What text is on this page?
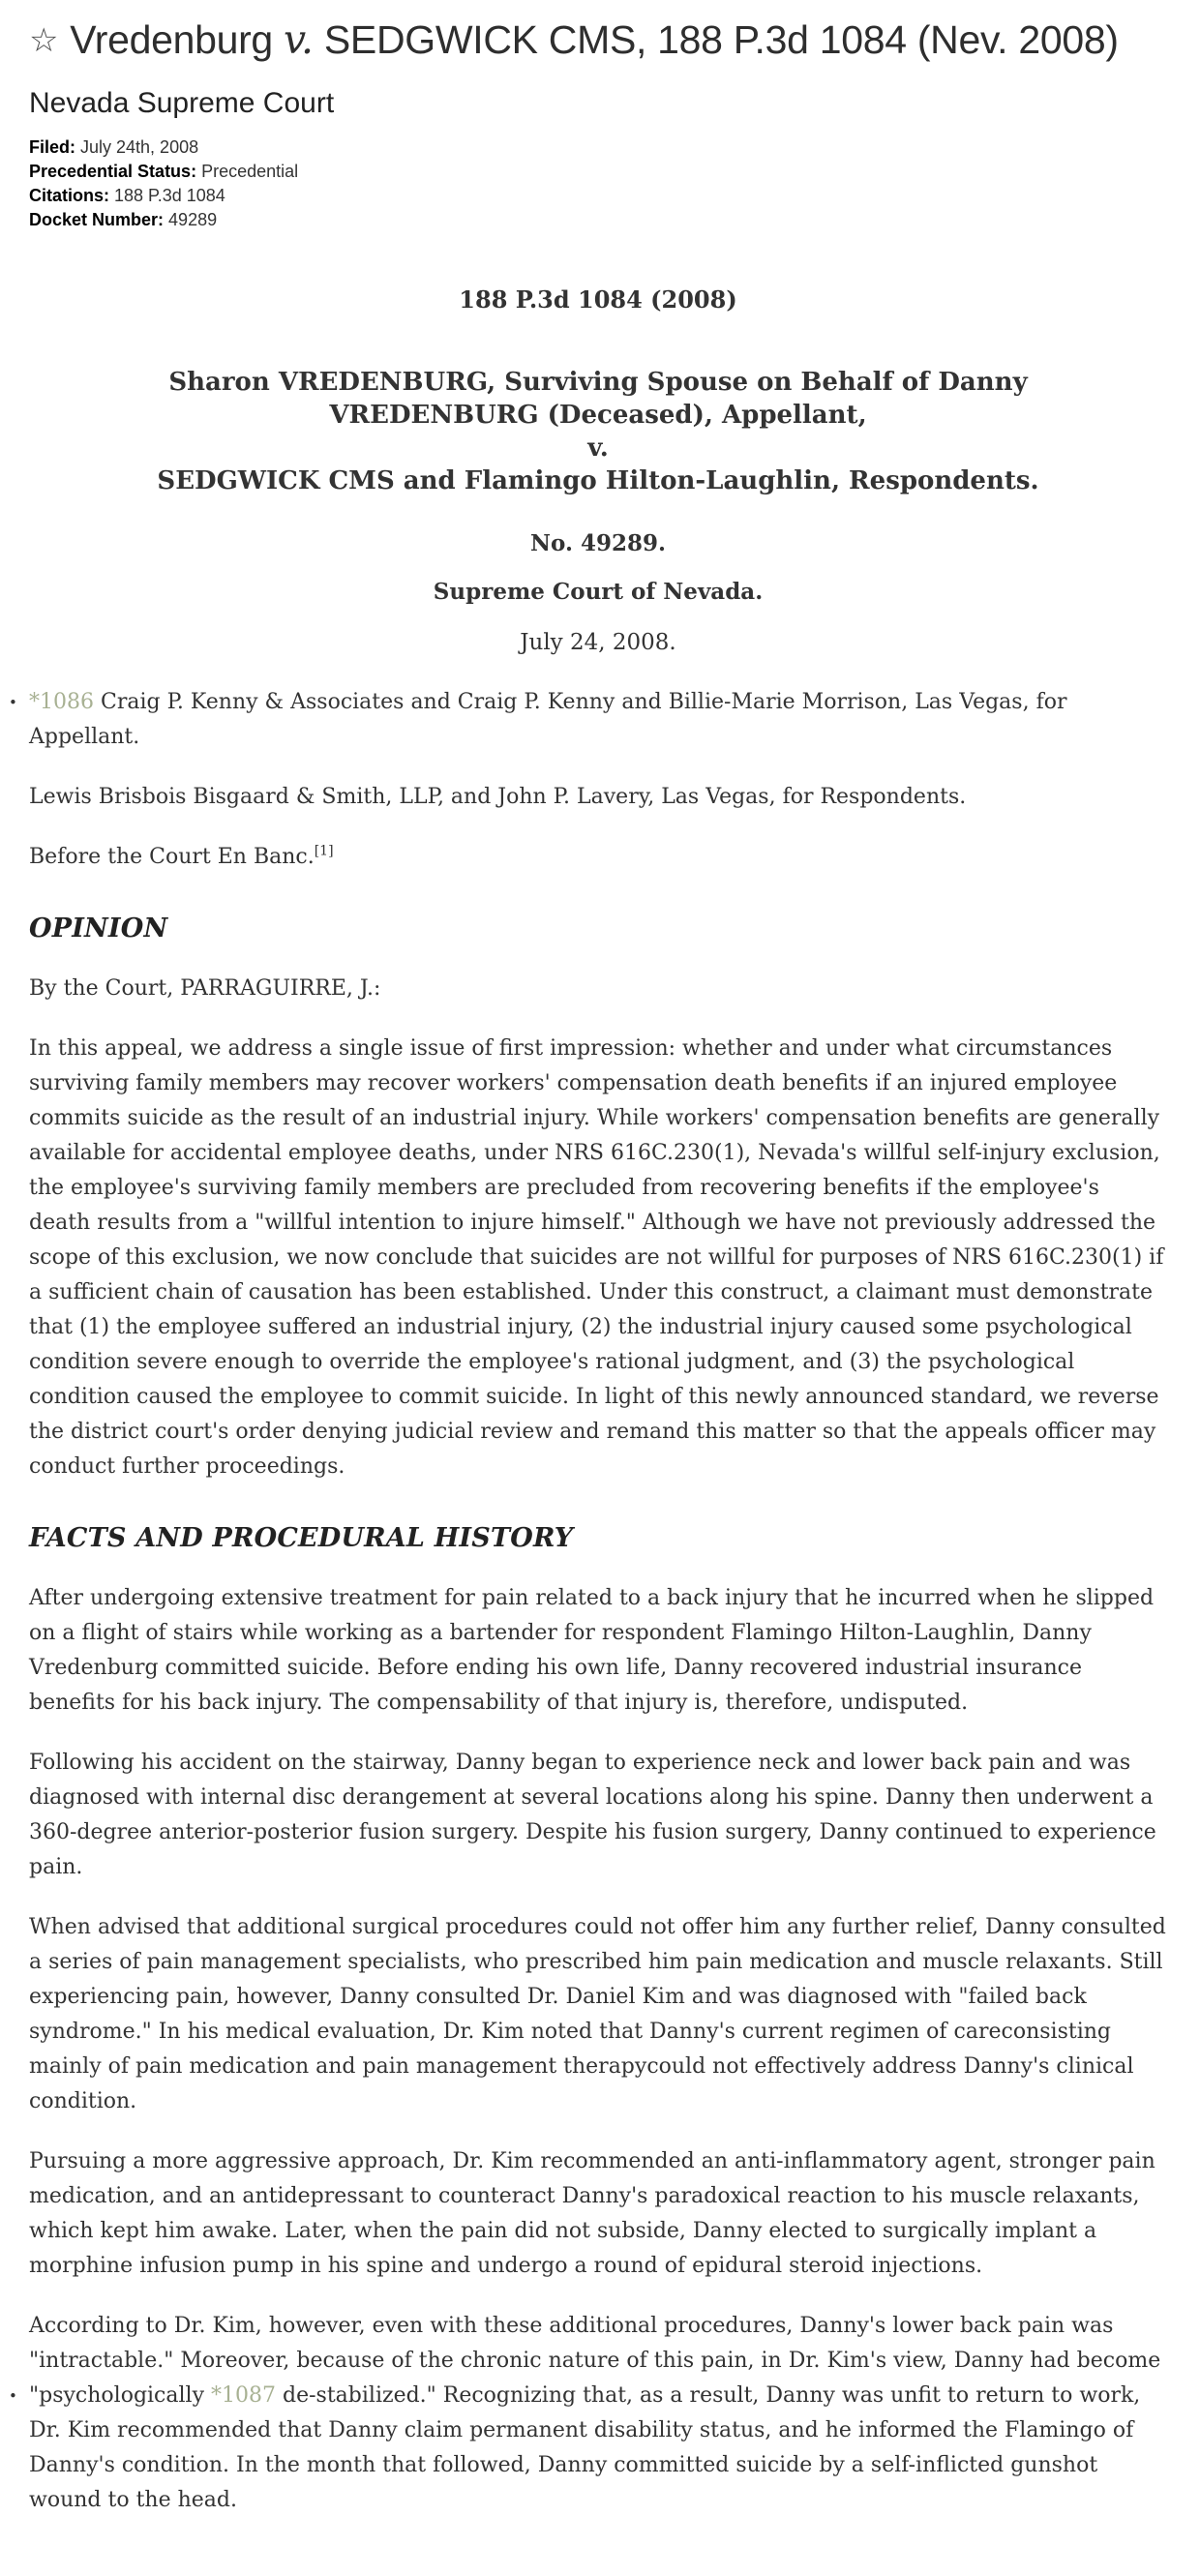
☆ Vredenburg v. SEDGWICK CMS, 188 P.3d 1084 (Nev. 2008)
Nevada Supreme Court
Filed: July 24th, 2008
Precedential Status: Precedential
Citations: 188 P.3d 1084
Docket Number: 49289

188 P.3d 1084 (2008)

Sharon VREDENBURG, Surviving Spouse on Behalf of Danny VREDENBURG (Deceased), Appellant,
v.
SEDGWICK CMS and Flamingo Hilton-Laughlin, Respondents.

No. 49289.

Supreme Court of Nevada.

July 24, 2008.

• *1086 Craig P. Kenny & Associates and Craig P. Kenny and Billie-Marie Morrison, Las Vegas, for Appellant.

Lewis Brisbois Bisgaard & Smith, LLP, and John P. Lavery, Las Vegas, for Respondents.

Before the Court En Banc.[1]

OPINION

By the Court, PARRAGUIRRE, J.:

In this appeal, we address a single issue of first impression: whether and under what circumstances surviving family members may recover workers' compensation death benefits if an injured employee commits suicide as the result of an industrial injury. While workers' compensation benefits are generally available for accidental employee deaths, under NRS 616C.230(1), Nevada's willful self-injury exclusion, the employee's surviving family members are precluded from recovering benefits if the employee's death results from a "willful intention to injure himself." Although we have not previously addressed the scope of this exclusion, we now conclude that suicides are not willful for purposes of NRS 616C.230(1) if a sufficient chain of causation has been established. Under this construct, a claimant must demonstrate that (1) the employee suffered an industrial injury, (2) the industrial injury caused some psychological condition severe enough to override the employee's rational judgment, and (3) the psychological condition caused the employee to commit suicide. In light of this newly announced standard, we reverse the district court's order denying judicial review and remand this matter so that the appeals officer may conduct further proceedings.

FACTS AND PROCEDURAL HISTORY

After undergoing extensive treatment for pain related to a back injury that he incurred when he slipped on a flight of stairs while working as a bartender for respondent Flamingo Hilton-Laughlin, Danny Vredenburg committed suicide. Before ending his own life, Danny recovered industrial insurance benefits for his back injury. The compensability of that injury is, therefore, undisputed.

Following his accident on the stairway, Danny began to experience neck and lower back pain and was diagnosed with internal disc derangement at several locations along his spine. Danny then underwent a 360-degree anterior-posterior fusion surgery. Despite his fusion surgery, Danny continued to experience pain.

When advised that additional surgical procedures could not offer him any further relief, Danny consulted a series of pain management specialists, who prescribed him pain medication and muscle relaxants. Still experiencing pain, however, Danny consulted Dr. Daniel Kim and was diagnosed with "failed back syndrome." In his medical evaluation, Dr. Kim noted that Danny's current regimen of careconsisting mainly of pain medication and pain management therapycould not effectively address Danny's clinical condition.

Pursuing a more aggressive approach, Dr. Kim recommended an anti-inflammatory agent, stronger pain medication, and an antidepressant to counteract Danny's paradoxical reaction to his muscle relaxants, which kept him awake. Later, when the pain did not subside, Danny elected to surgically implant a morphine infusion pump in his spine and undergo a round of epidural steroid injections.

•
According to Dr. Kim, however, even with these additional procedures, Danny's lower back pain was "intractable." Moreover, because of the chronic nature of this pain, in Dr. Kim's view, Danny had become "psychologically *1087 de-stabilized." Recognizing that, as a result, Danny was unfit to return to work, Dr. Kim recommended that Danny claim permanent disability status, and he informed the Flamingo of Danny's condition. In the month that followed, Danny committed suicide by a self-inflicted gunshot wound to the head.
